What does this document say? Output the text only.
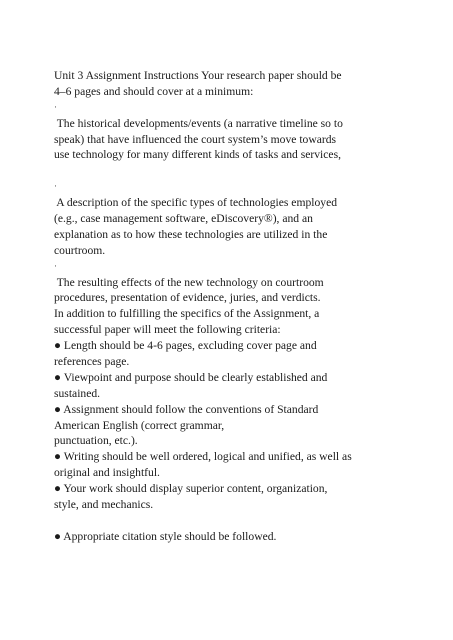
Unit 3 Assignment Instructions Your research paper should be
4–6 pages and should cover at a minimum:
·
The historical developments/events (a narrative timeline so to
speak) that have influenced the court system’s move towards
use technology for many different kinds of tasks and services,
·
A description of the specific types of technologies employed
(e.g., case management software, eDiscovery®), and an
explanation as to how these technologies are utilized in the
courtroom.
·
The resulting effects of the new technology on courtroom
procedures, presentation of evidence, juries, and verdicts.
In addition to fulfilling the specifics of the Assignment, a
successful paper will meet the following criteria:
● Length should be 4-6 pages, excluding cover page and
references page.
● Viewpoint and purpose should be clearly established and
sustained.
● Assignment should follow the conventions of Standard
American English (correct grammar,
punctuation, etc.).
● Writing should be well ordered, logical and unified, as well as
original and insightful.
● Your work should display superior content, organization,
style, and mechanics.
● Appropriate citation style should be followed.
